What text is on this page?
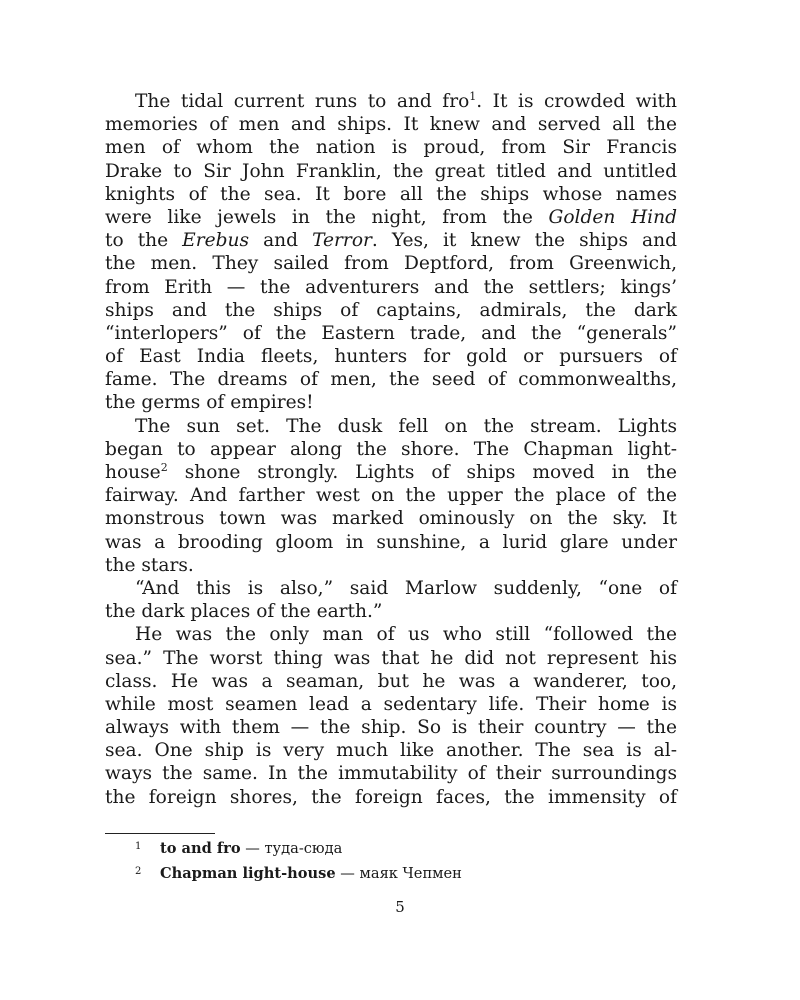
The tidal current runs to and fro$^1$. It is crowded with
memories of men and ships. It knew and served all the
men of whom the nation is proud, from Sir Francis
Drake to Sir John Franklin, the great titled and untitled
knights of the sea. It bore all the ships whose names
were like jewels in the night, from the Golden Hind
to the Erebus and Terror. Yes, it knew the ships and
the men. They sailed from Deptford, from Greenwich,
from Erith — the adventurers and the settlers; kings’
ships and the ships of captains, admirals, the dark
“interlopers” of the Eastern trade, and the “generals”
of East India fleets, hunters for gold or pursuers of
fame. The dreams of men, the seed of commonwealths,
the germs of empires!
The sun set. The dusk fell on the stream. Lights
began to appear along the shore. The Chapman light-
house$^2$ shone strongly. Lights of ships moved in the
fairway. And farther west on the upper the place of the
monstrous town was marked ominously on the sky. It
was a brooding gloom in sunshine, a lurid glare under
the stars.
“And this is also,” said Marlow suddenly, “one of
the dark places of the earth.”
He was the only man of us who still “followed the
sea.” The worst thing was that he did not represent his
class. He was a seaman, but he was a wanderer, too,
while most seamen lead a sedentary life. Their home is
always with them — the ship. So is their country — the
sea. One ship is very much like another. The sea is al-
ways the same. In the immutability of their surroundings
the foreign shores, the foreign faces, the immensity of
1 to and fro — туда-сюда
2 Chapman light-house — маяк Чепмен
5
